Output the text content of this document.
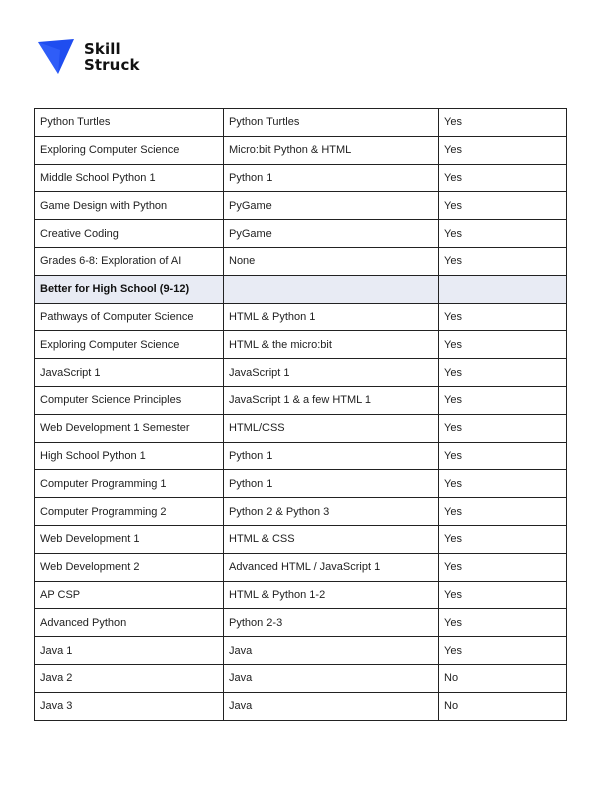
Skill
Struck
Python Turtles	Python Turtles	Yes
Exploring Computer Science	Micro:bit Python & HTML	Yes
Middle School Python 1	Python 1	Yes
Game Design with Python	PyGame	Yes
Creative Coding	PyGame	Yes
Grades 6-8: Exploration of AI	None	Yes
Better for High School (9-12)		
Pathways of Computer Science	HTML & Python 1	Yes
Exploring Computer Science	HTML & the micro:bit	Yes
JavaScript 1	JavaScript 1	Yes
Computer Science Principles	JavaScript 1 & a few HTML 1	Yes
Web Development 1 Semester	HTML/CSS	Yes
High School Python 1	Python 1	Yes
Computer Programming 1	Python 1	Yes
Computer Programming 2	Python 2 & Python 3	Yes
Web Development 1	HTML & CSS	Yes
Web Development 2	Advanced HTML / JavaScript 1	Yes
AP CSP	HTML & Python 1-2	Yes
Advanced Python	Python 2-3	Yes
Java 1	Java	Yes
Java 2	Java	No
Java 3	Java	No
